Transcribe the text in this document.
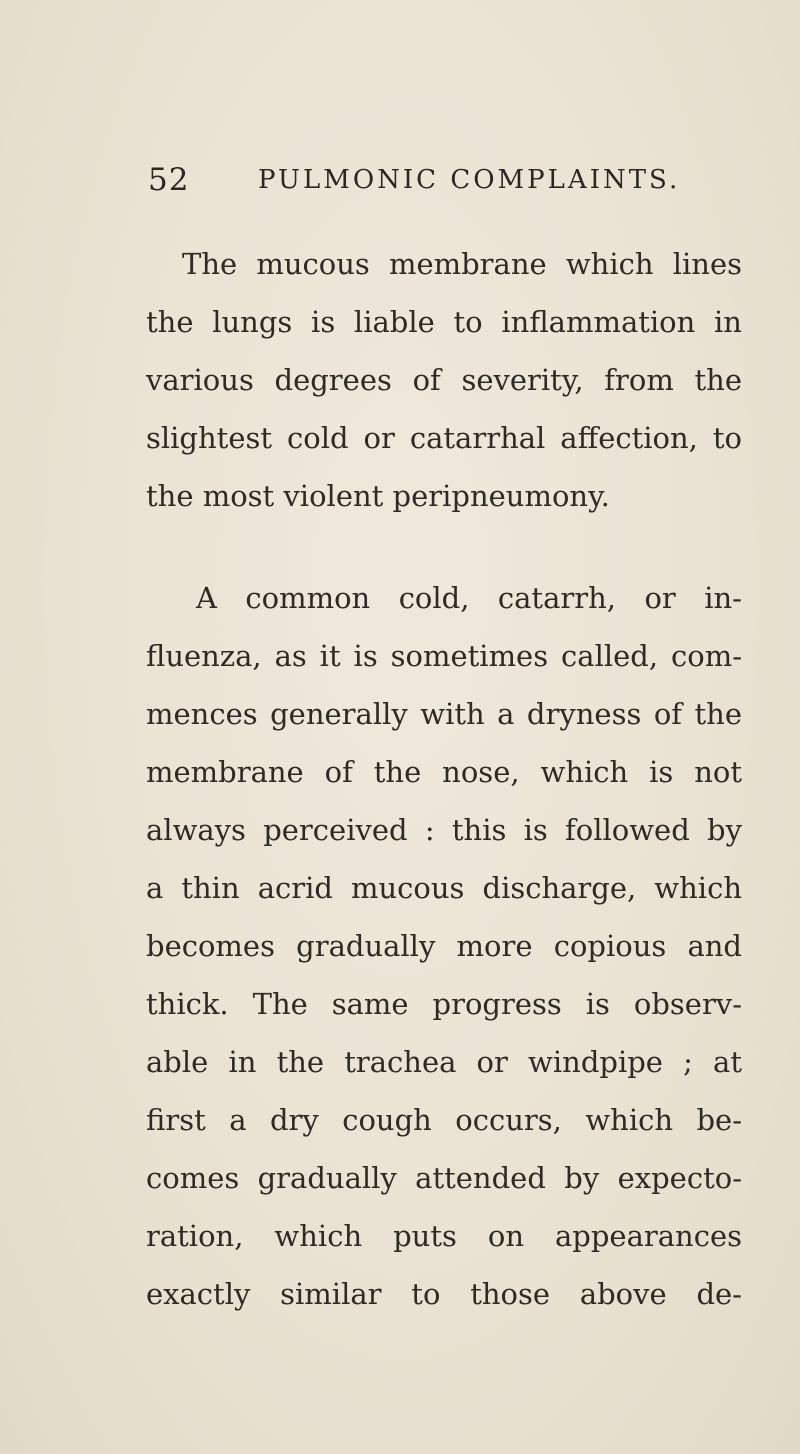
52	PULMONIC COMPLAINTS.
The mucous membrane which lines
the lungs is liable to inflammation in
various degrees of severity, from the
slightest cold or catarrhal affection, to
the most violent peripneumony.
A common cold, catarrh, or in-
fluenza, as it is sometimes called, com-
mences generally with a dryness of the
membrane of the nose, which is not
always perceived : this is followed by
a thin acrid mucous discharge, which
becomes gradually more copious and
thick. The same progress is observ-
able in the trachea or windpipe ; at
first a dry cough occurs, which be-
comes gradually attended by expecto-
ration, which puts on appearances
exactly similar to those above de-
